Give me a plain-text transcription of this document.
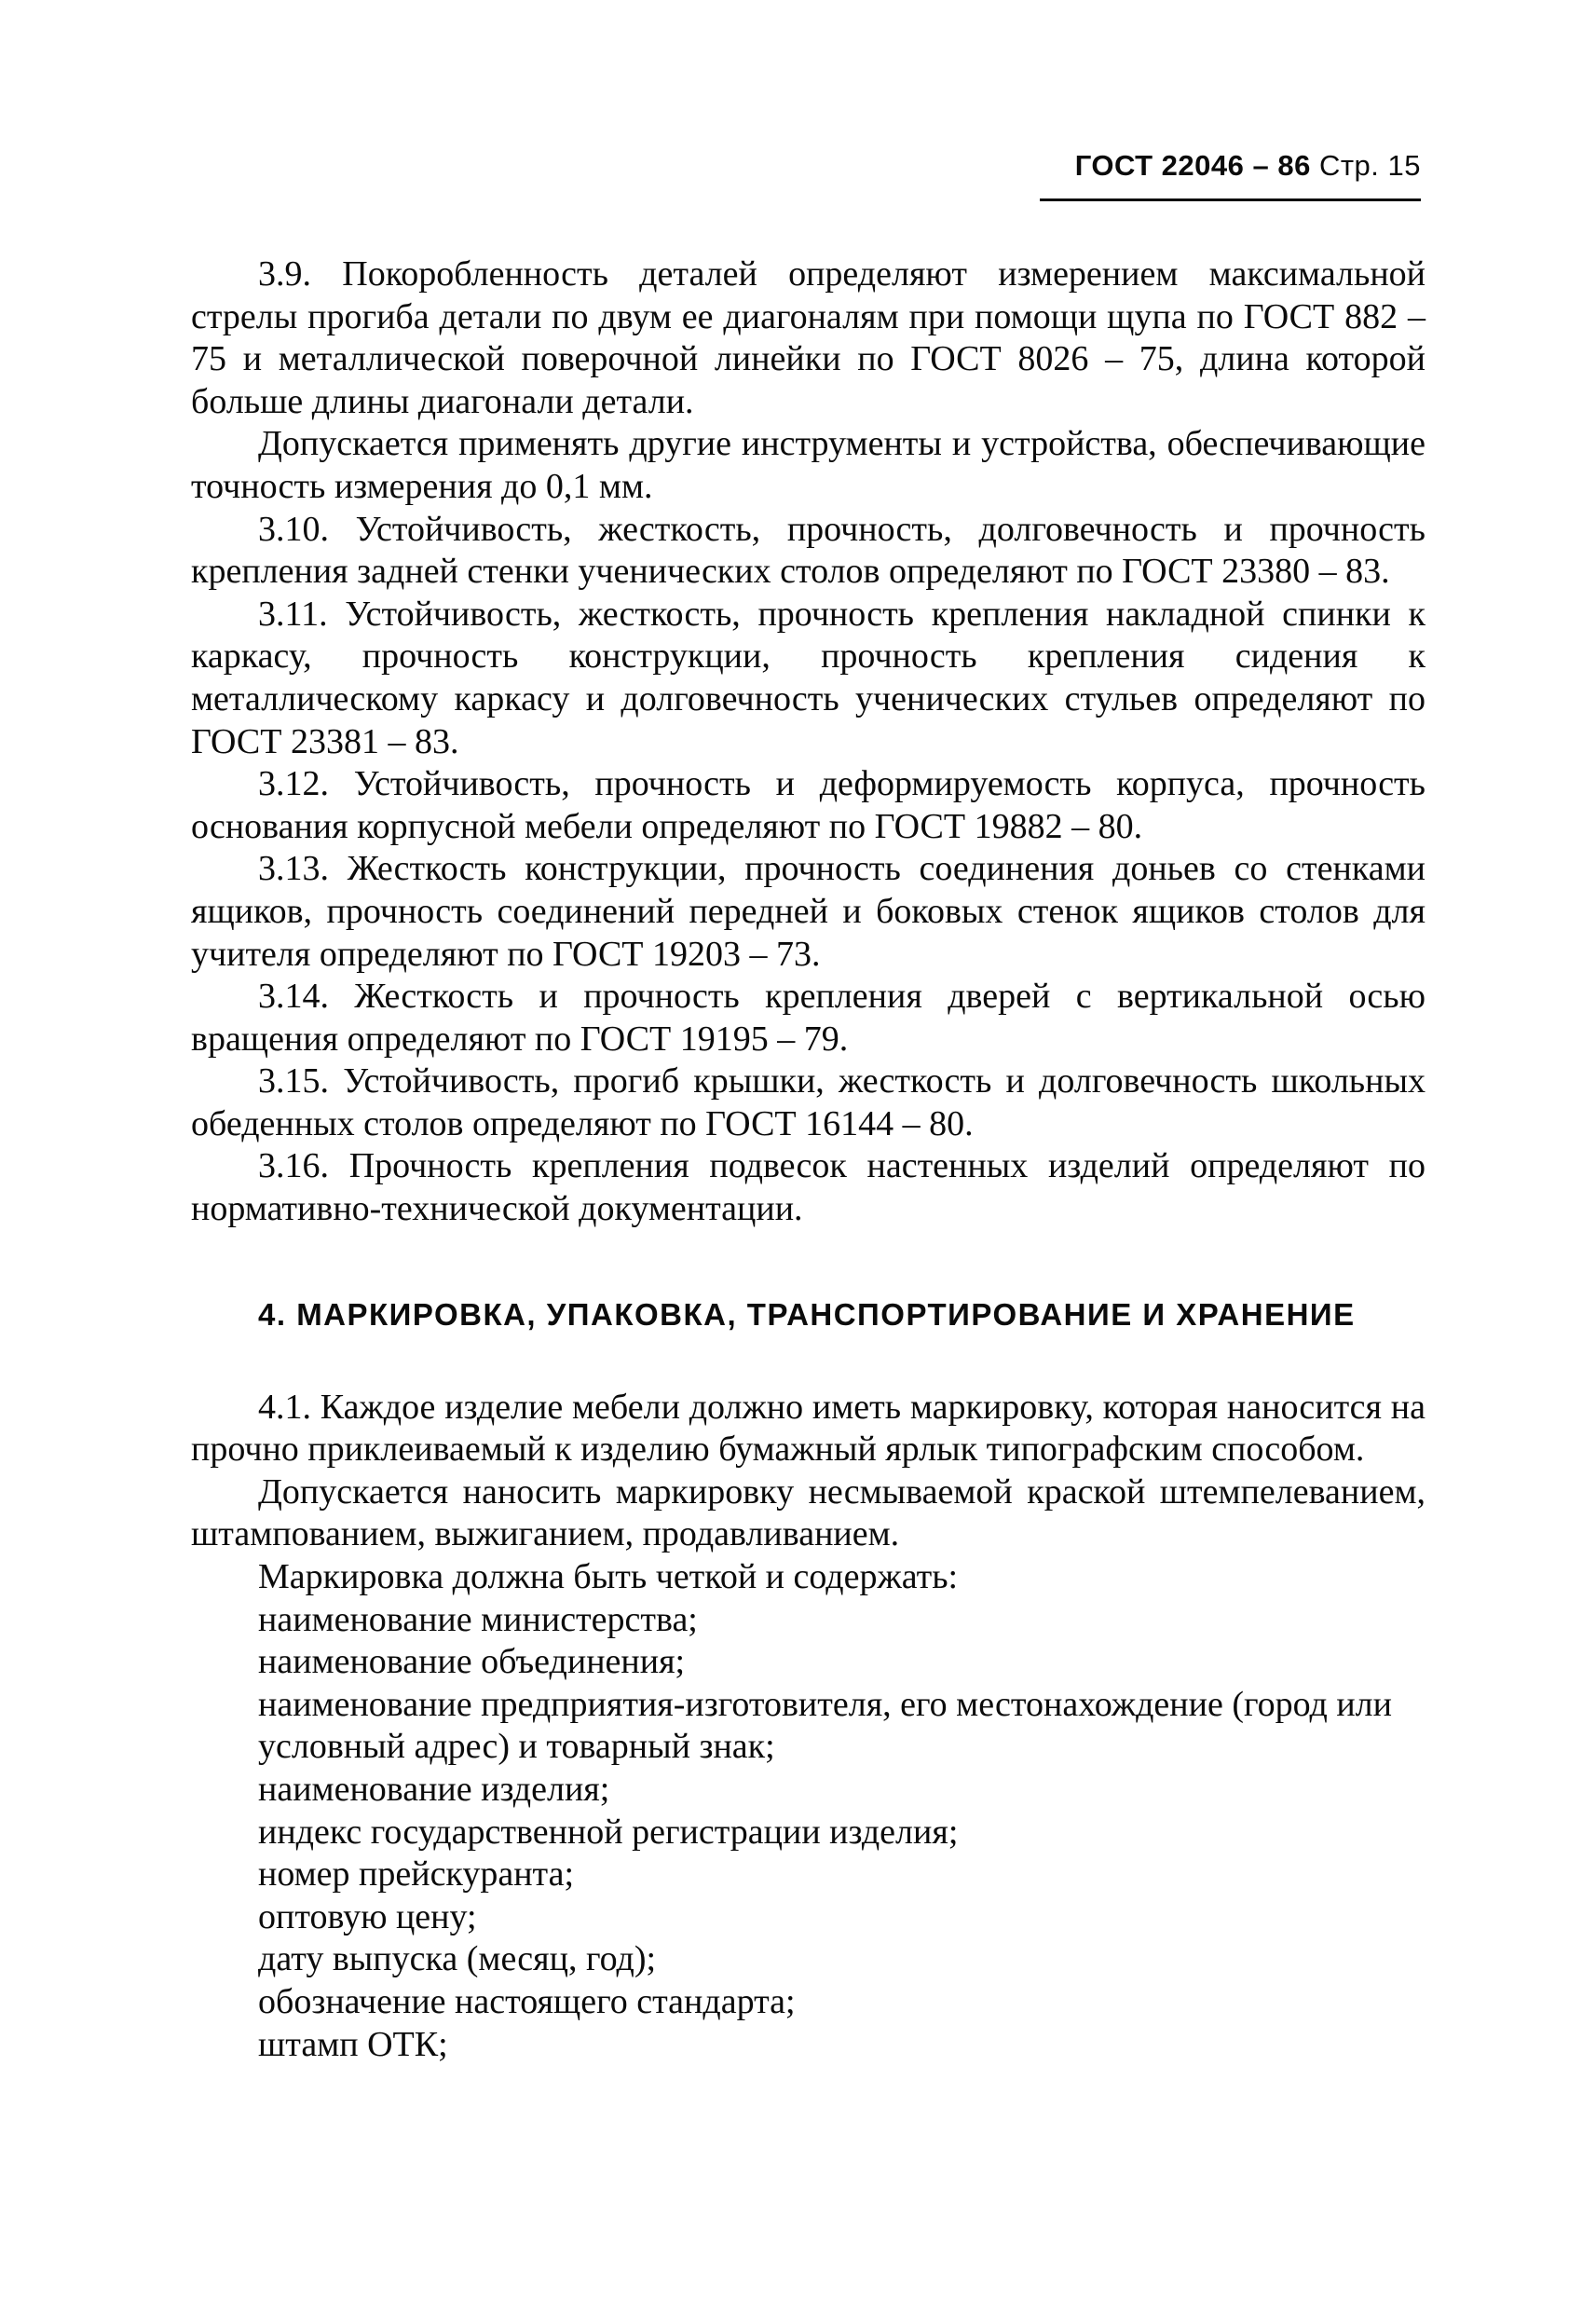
ГОСТ 22046 – 86 Стр. 15

3.9. Покоробленность деталей определяют измерением максимальной стрелы прогиба детали по двум ее диагоналям при помощи щупа по ГОСТ 882 – 75 и металлической поверочной линейки по ГОСТ 8026 – 75, длина которой больше длины диагонали детали.

Допускается применять другие инструменты и устройства, обеспечивающие точность измерения до 0,1 мм.

3.10. Устойчивость, жесткость, прочность, долговечность и прочность крепления задней стенки ученических столов определяют по ГОСТ 23380 – 83.

3.11. Устойчивость, жесткость, прочность крепления накладной спинки к каркасу, прочность конструкции, прочность крепления сидения к металлическому каркасу и долговечность ученических стульев определяют по ГОСТ 23381 – 83.

3.12. Устойчивость, прочность и деформируемость корпуса, прочность основания корпусной мебели определяют по ГОСТ 19882 – 80.

3.13. Жесткость конструкции, прочность соединения доньев со стенками ящиков, прочность соединений передней и боковых стенок ящиков столов для учителя определяют по ГОСТ 19203 – 73.

3.14. Жесткость и прочность крепления дверей с вертикальной осью вращения определяют по ГОСТ 19195 – 79.

3.15. Устойчивость, прогиб крышки, жесткость и долговечность школьных обеденных столов определяют по ГОСТ 16144 – 80.

3.16. Прочность крепления подвесок настенных изделий определяют по нормативно-технической документации.

4. МАРКИРОВКА, УПАКОВКА, ТРАНСПОРТИРОВАНИЕ И ХРАНЕНИЕ

4.1. Каждое изделие мебели должно иметь маркировку, которая наносится на прочно приклеиваемый к изделию бумажный ярлык типографским способом.

Допускается наносить маркировку несмываемой краской штемпелеванием, штампованием, выжиганием, продавливанием.

Маркировка должна быть четкой и содержать:

наименование министерства;
наименование объединения;
наименование предприятия-изготовителя, его местонахождение (город или условный адрес) и товарный знак;
наименование изделия;
индекс государственной регистрации изделия;
номер прейскуранта;
оптовую цену;
дату выпуска (месяц, год);
обозначение настоящего стандарта;
штамп ОТК;
